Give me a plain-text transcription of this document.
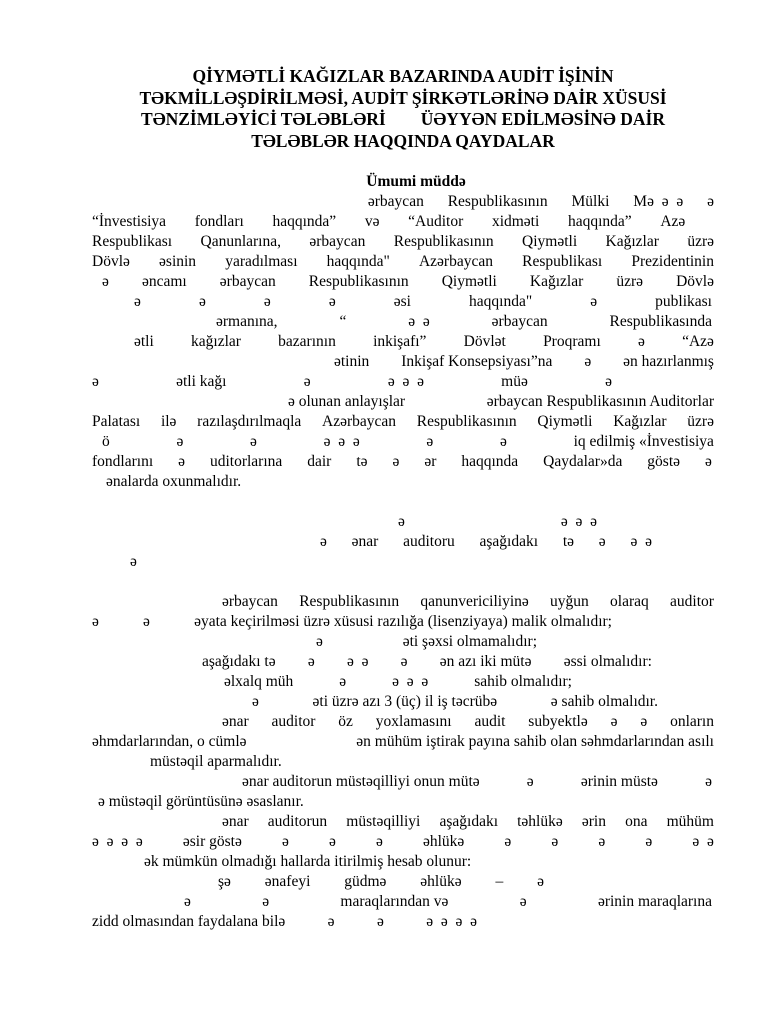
QİYMƏTLİ KAĞIZLAR BAZARINDA AUDİT İŞİNİN
TƏKMİLLƏŞDİRİLMƏSİ, AUDİT ŞİRKƏTLƏRİNƏ DAİR XÜSUSİ
TƏNZİMLƏYİCİ TƏLƏBLƏRİ        ÜƏYYƏN EDİLMƏSİNƏ DAİR
TƏLƏBLƏR HAQQINDA QAYDALAR
Ümumi müddə
ərbaycan Respublikasının Mülki Mə  ə  ə ə
“İnvestisiya fondları haqqında” və “Auditor xidməti haqqında” Azə
Respublikası Qanunlarına, ərbaycan Respublikasının Qiymətli Kağızlar üzrə
Dövlə əsinin yaradılması haqqında" Azərbaycan Respublikası Prezidentinin
ə əncamı ərbaycan Respublikasının Qiymətli Kağızlar üzrə Dövlə
ə	ə	ə	ə	əsi	haqqında"	ə	publikası
ərmanına,	“	ə  ə	ərbaycan	Respublikasında
ətli kağızlar bazarının inkişafı” Dövlət Proqramı ə “Azə
ətinin Inkişaf Konsepsiyası”na ə ən hazırlanmış
ə	ətli kağı	ə	ə  ə  ə	müə	ə
ə olunan anlayışlar	ərbaycan Respublikasının Auditorlar
Palatası ilə razılaşdırılmaqla Azərbaycan Respublikasının Qiymətli Kağızlar üzrə
ö	ə	ə	ə  ə  ə	ə	ə	iq edilmiş «İnvestisiya
fondlarını ə uditorlarına dair tə ə ər haqqında Qaydalar»da göstə ə
ənalarda oxunmalıdır.
ə	ə  ə  ə
ə ənar auditoru aşağıdakı tə ə ə  ə
ə
ərbaycan Respublikasının qanunvericiliyinə uyğun olaraq auditor
ə	ə	əyata keçirilməsi üzrə xüsusi razılığa (lisenziyaya) malik olmalıdır;
ə	əti şəxsi olmamalıdır;
aşağıdakı tə ə ə  ə ə ən azı iki mütə əssi olmalıdır:
əlxalq müh	ə	ə  ə  ə	sahib olmalıdır;
ə	əti üzrə azı 3 (üç) il iş təcrübə	ə sahib olmalıdır.
ənar auditor öz yoxlamasını audit subyektlə ə ə onların
əhmdarlarından, o cümlə	ən mühüm iştirak payına sahib olan səhmdarlarından asılı
müstəqil aparmalıdır.
ənar auditorun müstəqilliyi onun mütə	ə	ərinin müstə	ə
ə müstəqil görüntüsünə əsaslanır.
ənar auditorun müstəqilliyi aşağıdakı təhlükə ərin ona mühüm
ə  ə  ə  ə	əsir göstə	ə	ə	ə	əhlükə	ə	ə	ə	ə	ə  ə
ək mümkün olmadığı hallarda itirilmiş hesab olunur:
şə ənafeyi güdmə əhlükə – ə
ə	ə	maraqlarından və	ə	ərinin maraqlarına
zidd olmasından faydalana bilə	ə	ə	ə  ə  ə  ə
